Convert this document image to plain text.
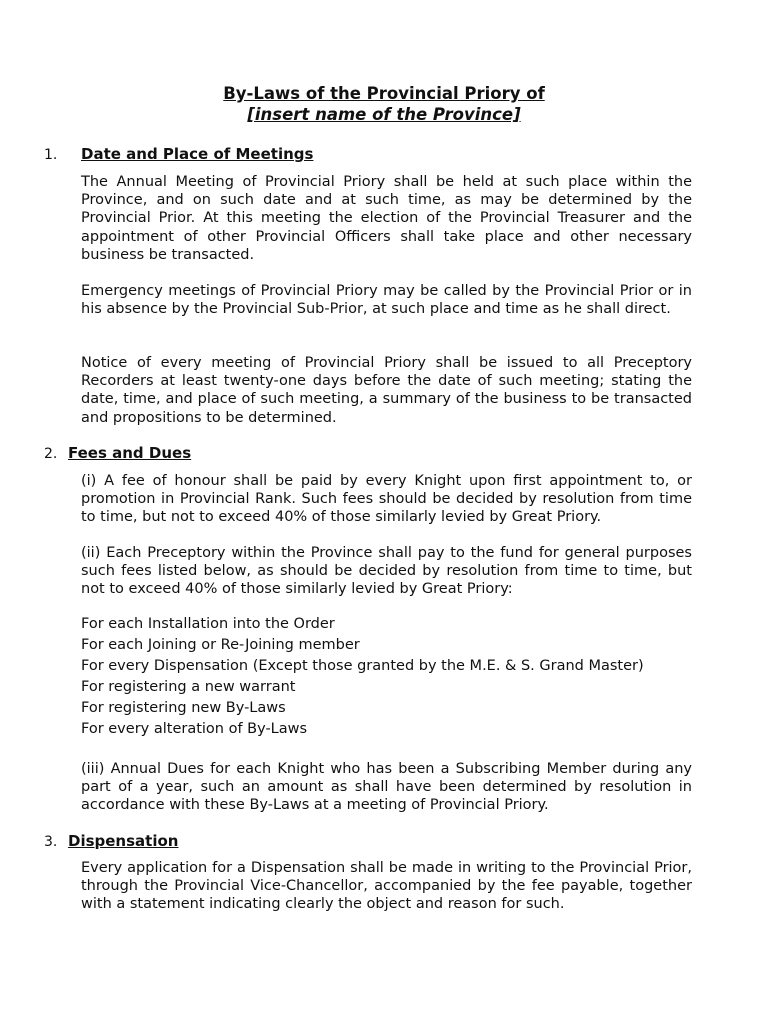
By-Laws of the Provincial Priory of
[insert name of the Province]
1. Date and Place of Meetings

The Annual Meeting of Provincial Priory shall be held at such place within the Province, and on such date and at such time, as may be determined by the Provincial Prior. At this meeting the election of the Provincial Treasurer and the appointment of other Provincial Officers shall take place and other necessary business be transacted.

Emergency meetings of Provincial Priory may be called by the Provincial Prior or in his absence by the Provincial Sub-Prior, at such place and time as he shall direct.

Notice of every meeting of Provincial Priory shall be issued to all Preceptory Recorders at least twenty-one days before the date of such meeting; stating the date, time, and place of such meeting, a summary of the business to be transacted and propositions to be determined.

2. Fees and Dues

(i) A fee of honour shall be paid by every Knight upon first appointment to, or promotion in Provincial Rank. Such fees should be decided by resolution from time to time, but not to exceed 40% of those similarly levied by Great Priory.

(ii) Each Preceptory within the Province shall pay to the fund for general purposes such fees listed below, as should be decided by resolution from time to time, but not to exceed 40% of those similarly levied by Great Priory:

For each Installation into the Order
For each Joining or Re-Joining member
For every Dispensation (Except those granted by the M.E. & S. Grand Master)
For registering a new warrant
For registering new By-Laws
For every alteration of By-Laws

(iii) Annual Dues for each Knight who has been a Subscribing Member during any part of a year, such an amount as shall have been determined by resolution in accordance with these By-Laws at a meeting of Provincial Priory.

3. Dispensation

Every application for a Dispensation shall be made in writing to the Provincial Prior, through the Provincial Vice-Chancellor, accompanied by the fee payable, together with a statement indicating clearly the object and reason for such.
